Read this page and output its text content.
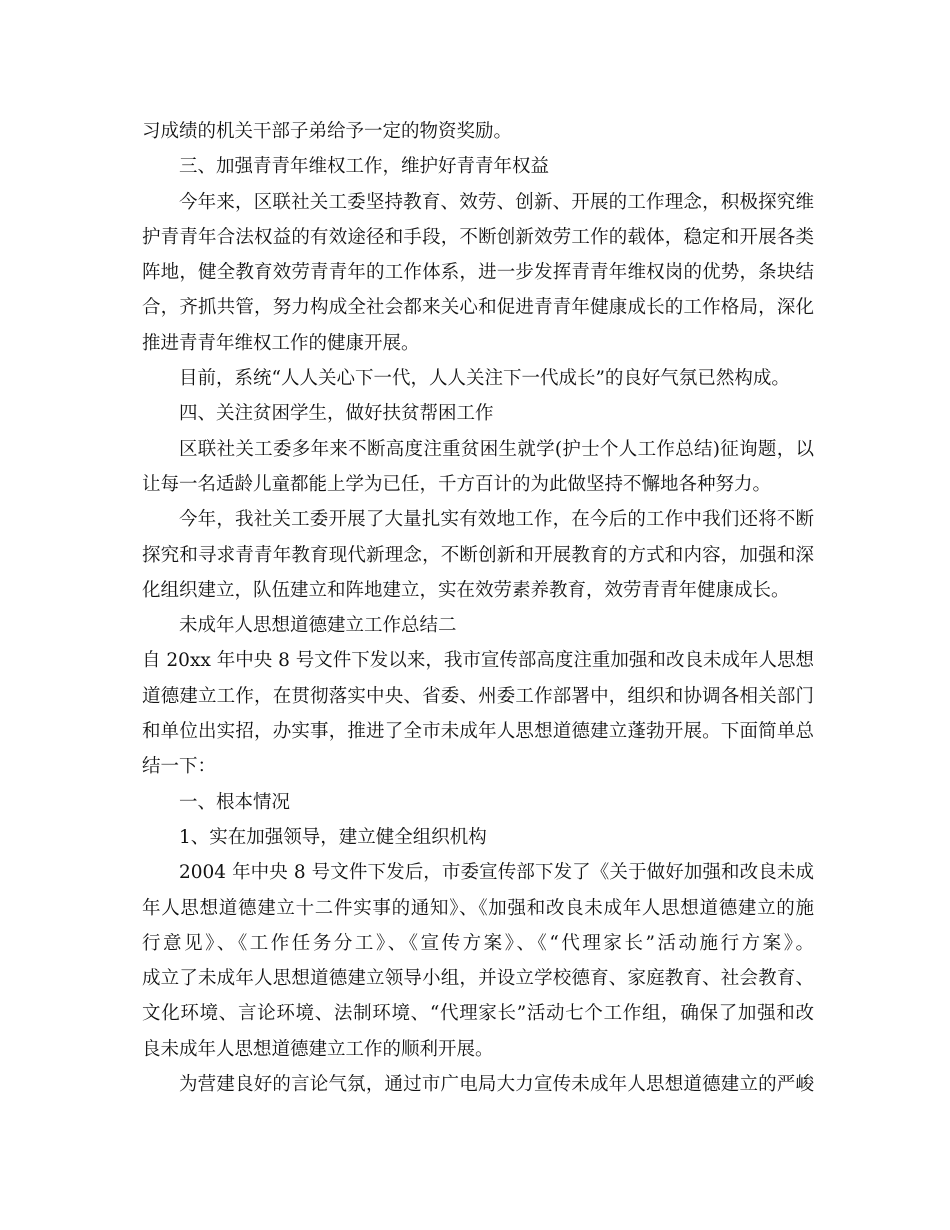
习成绩的机关干部子弟给予一定的物资奖励。
三、加强青青年维权工作，维护好青青年权益
今年来，区联社关工委坚持教育、效劳、创新、开展的工作理念，积极探究维
护青青年合法权益的有效途径和手段，不断创新效劳工作的载体，稳定和开展各类
阵地，健全教育效劳青青年的工作体系，进一步发挥青青年维权岗的优势，条块结
合，齐抓共管，努力构成全社会都来关心和促进青青年健康成长的工作格局，深化
推进青青年维权工作的健康开展。
目前，系统“人人关心下一代，人人关注下一代成长”的良好气氛已然构成。
四、关注贫困学生，做好扶贫帮困工作
区联社关工委多年来不断高度注重贫困生就学(护士个人工作总结)征询题，以
让每一名适龄儿童都能上学为已任，千方百计的为此做坚持不懈地各种努力。
今年，我社关工委开展了大量扎实有效地工作，在今后的工作中我们还将不断
探究和寻求青青年教育现代新理念，不断创新和开展教育的方式和内容，加强和深
化组织建立，队伍建立和阵地建立，实在效劳素养教育，效劳青青年健康成长。
未成年人思想道德建立工作总结二
自 20xx 年中央 8 号文件下发以来，我市宣传部高度注重加强和改良未成年人思想
道德建立工作，在贯彻落实中央、省委、州委工作部署中，组织和协调各相关部门
和单位出实招，办实事，推进了全市未成年人思想道德建立蓬勃开展。下面简单总
结一下：
一、根本情况
1、实在加强领导，建立健全组织机构
2004 年中央 8 号文件下发后，市委宣传部下发了《关于做好加强和改良未成
年人思想道德建立十二件实事的通知》、《加强和改良未成年人思想道德建立的施
行意见》、《工作任务分工》、《宣传方案》、《“代理家长”活动施行方案》。
成立了未成年人思想道德建立领导小组，并设立学校德育、家庭教育、社会教育、
文化环境、言论环境、法制环境、“代理家长”活动七个工作组，确保了加强和改
良未成年人思想道德建立工作的顺利开展。
为营建良好的言论气氛，通过市广电局大力宣传未成年人思想道德建立的严峻
